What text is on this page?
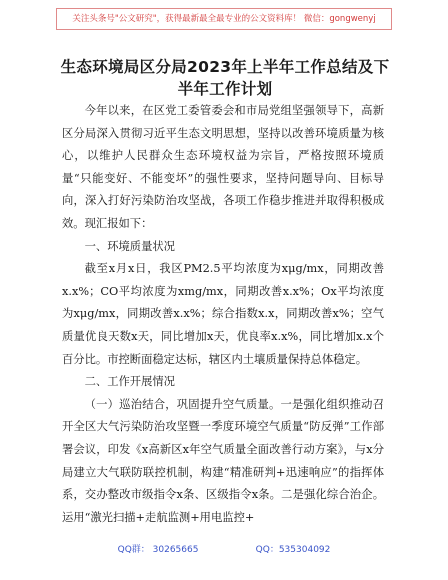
关注头条号"公文研究"，获得最新最全最专业的公文资料库！ 微信：gongwenyj
生态环境局区分局2023年上半年工作总结及下半年工作计划

今年以来，在区党工委管委会和市局党组坚强领导下，高新区分局深入贯彻习近平生态文明思想，坚持以改善环境质量为核心，以维护人民群众生态环境权益为宗旨，严格按照环境质量“只能变好、不能变坏”的强性要求，坚持问题导向、目标导向，深入打好污染防治攻坚战，各项工作稳步推进并取得积极成效。现汇报如下：

一、环境质量状况

截至x月x日，我区PM2.5平均浓度为xμg/mx，同期改善x.x%；CO平均浓度为xmg/mx，同期改善x.x%；Ox平均浓度为xμg/mx，同期改善x.x%；综合指数x.x，同期改善x%；空气质量优良天数x天，同比增加x天，优良率x.x%，同比增加x.x个百分比。市控断面稳定达标，辖区内土壤质量保持总体稳定。

二、工作开展情况

（一）巡治结合，巩固提升空气质量。一是强化组织推动召开全区大气污染防治攻坚暨一季度环境空气质量“防反弹”工作部署会议，印发《x高新区x年空气质量全面改善行动方案》，与x分局建立大气联防联控机制，构建“精准研判+迅速响应”的指挥体系，交办整改市级指令x条、区级指令x条。二是强化综合治企。运用“激光扫描+走航监测+用电监控+

QQ群： 30265665                    QQ：535304092
